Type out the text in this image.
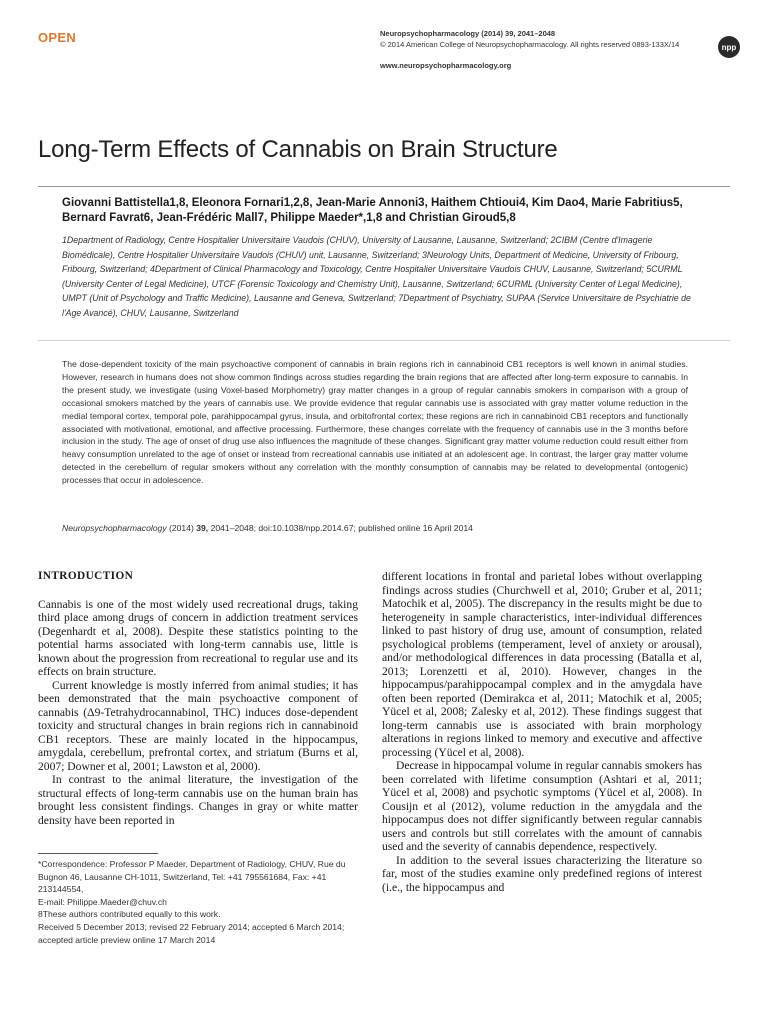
OPEN	Neuropsychopharmacology (2014) 39, 2041–2048
© 2014 American College of Neuropsychopharmacology. All rights reserved 0893-133X/14
www.neuropsychopharmacology.org
npp
Long-Term Effects of Cannabis on Brain Structure
Giovanni Battistella1,8, Eleonora Fornari1,2,8, Jean-Marie Annoni3, Haithem Chtioui4, Kim Dao4, Marie Fabritius5, Bernard Favrat6, Jean-Frédéric Mall7, Philippe Maeder*,1,8 and Christian Giroud5,8
1Department of Radiology, Centre Hospitalier Universitaire Vaudois (CHUV), University of Lausanne, Lausanne, Switzerland; 2CIBM (Centre d'Imagerie Biomédicale), Centre Hospitalier Universitaire Vaudois (CHUV) unit, Lausanne, Switzerland; 3Neurology Units, Department of Medicine, University of Fribourg, Fribourg, Switzerland; 4Department of Clinical Pharmacology and Toxicology, Centre Hospitalier Universitaire Vaudois CHUV, Lausanne, Switzerland; 5CURML (University Center of Legal Medicine), UTCF (Forensic Toxicology and Chemistry Unit), Lausanne, Switzerland; 6CURML (University Center of Legal Medicine), UMPT (Unit of Psychology and Traffic Medicine), Lausanne and Geneva, Switzerland; 7Department of Psychiatry, SUPAA (Service Universitaire de Psychiatrie de l'Age Avancé), CHUV, Lausanne, Switzerland
The dose-dependent toxicity of the main psychoactive component of cannabis in brain regions rich in cannabinoid CB1 receptors is well known in animal studies. However, research in humans does not show common findings across studies regarding the brain regions that are affected after long-term exposure to cannabis. In the present study, we investigate (using Voxel-based Morphometry) gray matter changes in a group of regular cannabis smokers in comparison with a group of occasional smokers matched by the years of cannabis use. We provide evidence that regular cannabis use is associated with gray matter volume reduction in the medial temporal cortex, temporal pole, parahippocampal gyrus, insula, and orbitofrontal cortex; these regions are rich in cannabinoid CB1 receptors and functionally associated with motivational, emotional, and affective processing. Furthermore, these changes correlate with the frequency of cannabis use in the 3 months before inclusion in the study. The age of onset of drug use also influences the magnitude of these changes. Significant gray matter volume reduction could result either from heavy consumption unrelated to the age of onset or instead from recreational cannabis use initiated at an adolescent age. In contrast, the larger gray matter volume detected in the cerebellum of regular smokers without any correlation with the monthly consumption of cannabis may be related to developmental (ontogenic) processes that occur in adolescence.
Neuropsychopharmacology (2014) 39, 2041–2048; doi:10.1038/npp.2014.67; published online 16 April 2014
INTRODUCTION

Cannabis is one of the most widely used recreational drugs, taking third place among drugs of concern in addiction treatment services (Degenhardt et al, 2008). Despite these statistics pointing to the potential harms associated with long-term cannabis use, little is known about the progression from recreational to regular use and its effects on brain structure.

Current knowledge is mostly inferred from animal studies; it has been demonstrated that the main psychoactive component of cannabis (Δ9-Tetrahydrocannabinol, THC) induces dose-dependent toxicity and structural changes in brain regions rich in cannabinoid CB1 receptors. These are mainly located in the hippocampus, amygdala, cerebellum, prefrontal cortex, and striatum (Burns et al, 2007; Downer et al, 2001; Lawston et al, 2000).

In contrast to the animal literature, the investigation of the structural effects of long-term cannabis use on the human brain has brought less consistent findings. Changes in gray or white matter density have been reported in

different locations in frontal and parietal lobes without overlapping findings across studies (Churchwell et al, 2010; Gruber et al, 2011; Matochik et al, 2005). The discrepancy in the results might be due to heterogeneity in sample characteristics, inter-individual differences linked to past history of drug use, amount of consumption, related psychological problems (temperament, level of anxiety or arousal), and/or methodological differences in data processing (Batalla et al, 2013; Lorenzetti et al, 2010). However, changes in the hippocampus/parahippocampal complex and in the amygdala have often been reported (Demirakca et al, 2011; Matochik et al, 2005; Yücel et al, 2008; Zalesky et al, 2012). These findings suggest that long-term cannabis use is associated with brain morphology alterations in regions linked to memory and executive and affective processing (Yücel et al, 2008).

Decrease in hippocampal volume in regular cannabis smokers has been correlated with lifetime consumption (Ashtari et al, 2011; Yücel et al, 2008) and psychotic symptoms (Yücel et al, 2008). In Cousijn et al (2012), volume reduction in the amygdala and the hippocampus does not differ significantly between regular cannabis users and controls but still correlates with the amount of cannabis used and the severity of cannabis dependence, respectively.

In addition to the several issues characterizing the literature so far, most of the studies examine only predefined regions of interest (i.e., the hippocampus and

*Correspondence: Professor P Maeder, Department of Radiology, CHUV, Rue du Bugnon 46, Lausanne CH-1011, Switzerland, Tel: +41 795561684, Fax: +41 213144554,
E-mail: Philippe.Maeder@chuv.ch
8These authors contributed equally to this work.
Received 5 December 2013; revised 22 February 2014; accepted 6 March 2014; accepted article preview online 17 March 2014
